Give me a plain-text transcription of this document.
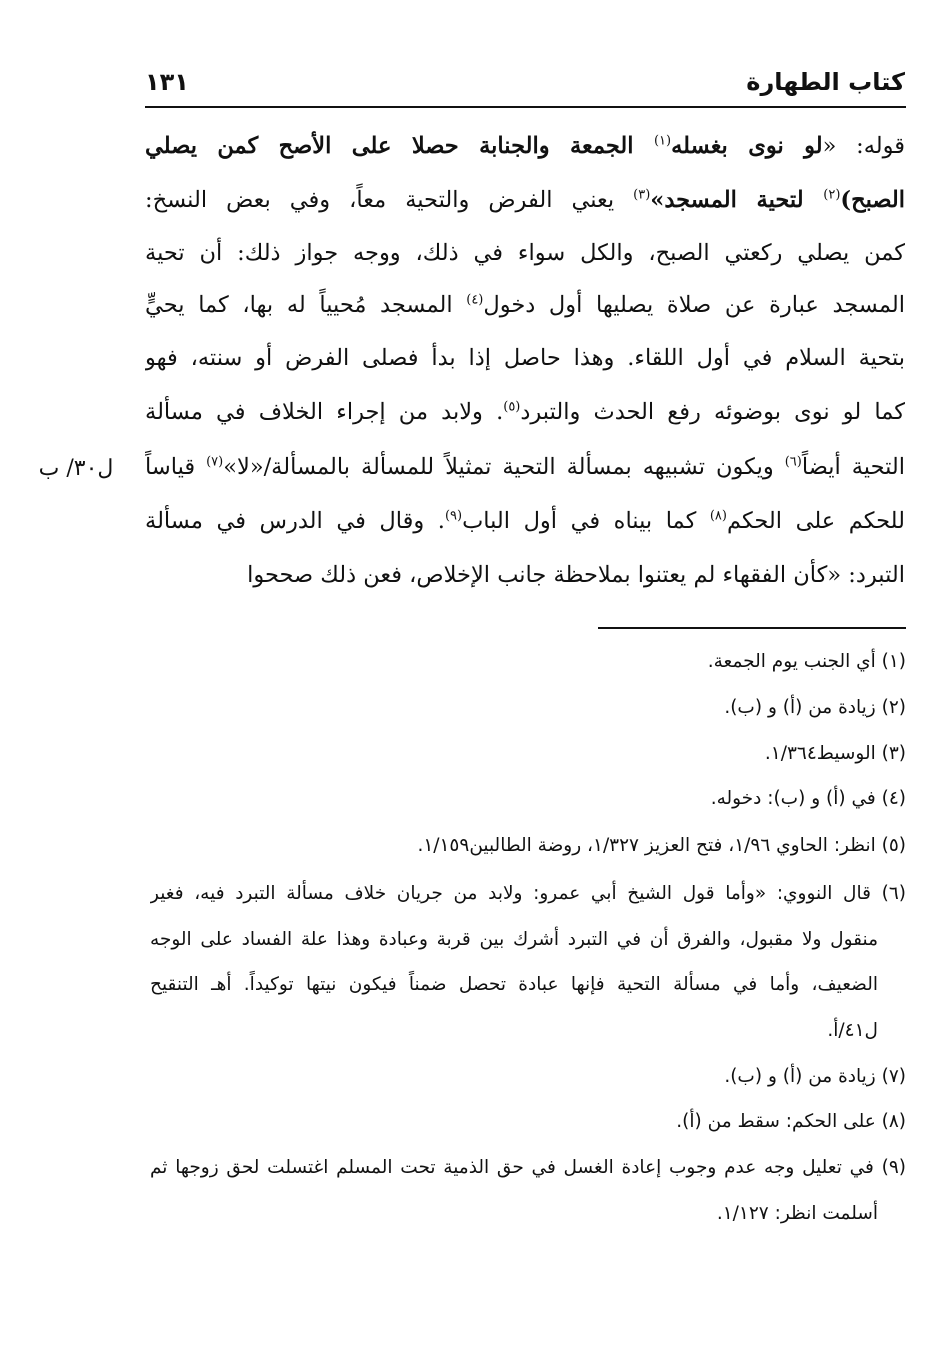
كتاب الطهارة
١٣١
قوله: «لو نوى بغسله$^{(١)}$ الجمعة والجنابة حصلا على الأصح كمن يصلي
الصبح)$^{(٢)}$ لتحية المسجد»$^{(٣)}$ يعني الفرض والتحية معاً، وفي بعض النسخ:
كمن يصلي ركعتي الصبح، والكل سواء في ذلك، ووجه جواز ذلك: أن تحية
المسجد عبارة عن صلاة يصليها أول دخول$^{(٤)}$ المسجد مُحيياً له بها، كما يحيٍّ
بتحية السلام في أول اللقاء. وهذا حاصل إذا بدأ فصلى الفرض أو سنته، فهو
كما لو نوى بوضوئه رفع الحدث والتبرد$^{(٥)}$. ولابد من إجراء الخلاف في مسألة
التحية أيضاً$^{(٦)}$ ويكون تشبيهه بمسألة التحية تمثيلاً للمسألة بالمسألة/«لا»$^{(٧)}$ قياساً
للحكم على الحكم$^{(٨)}$ كما بيناه في أول الباب$^{(٩)}$. وقال في الدرس في مسألة
التبرد: «كأن الفقهاء لم يعتنوا بملاحظة جانب الإخلاص، فعن ذلك صححوا
ل٣٠/ ب
(١) أي الجنب يوم الجمعة.
(٢) زيادة من (أ) و (ب).
(٣) الوسيط١/٣٦٤.
(٤) في (أ) و (ب): دخوله.
(٥) انظر: الحاوي ١/٩٦، فتح العزيز ١/٣٢٧، روضة الطالبين١/١٥٩.
(٦) قال النووي: «وأما قول الشيخ أبي عمرو: ولابد من جريان خلاف مسألة التبرد فيه، فغير
منقول ولا مقبول، والفرق أن في التبرد أشرك بين قربة وعبادة وهذا علة الفساد على الوجه
الضعيف، وأما في مسألة التحية فإنها عبادة تحصل ضمناً فيكون نيتها توكيداً. أهـ التنقيح
ل٤١/أ.
(٧) زيادة من (أ) و (ب).
(٨) على الحكم: سقط من (أ).
(٩) في تعليل وجه عدم وجوب إعادة الغسل في حق الذمية تحت المسلم اغتسلت لحق زوجها ثم
أسلمت انظر: ١/١٢٧.
